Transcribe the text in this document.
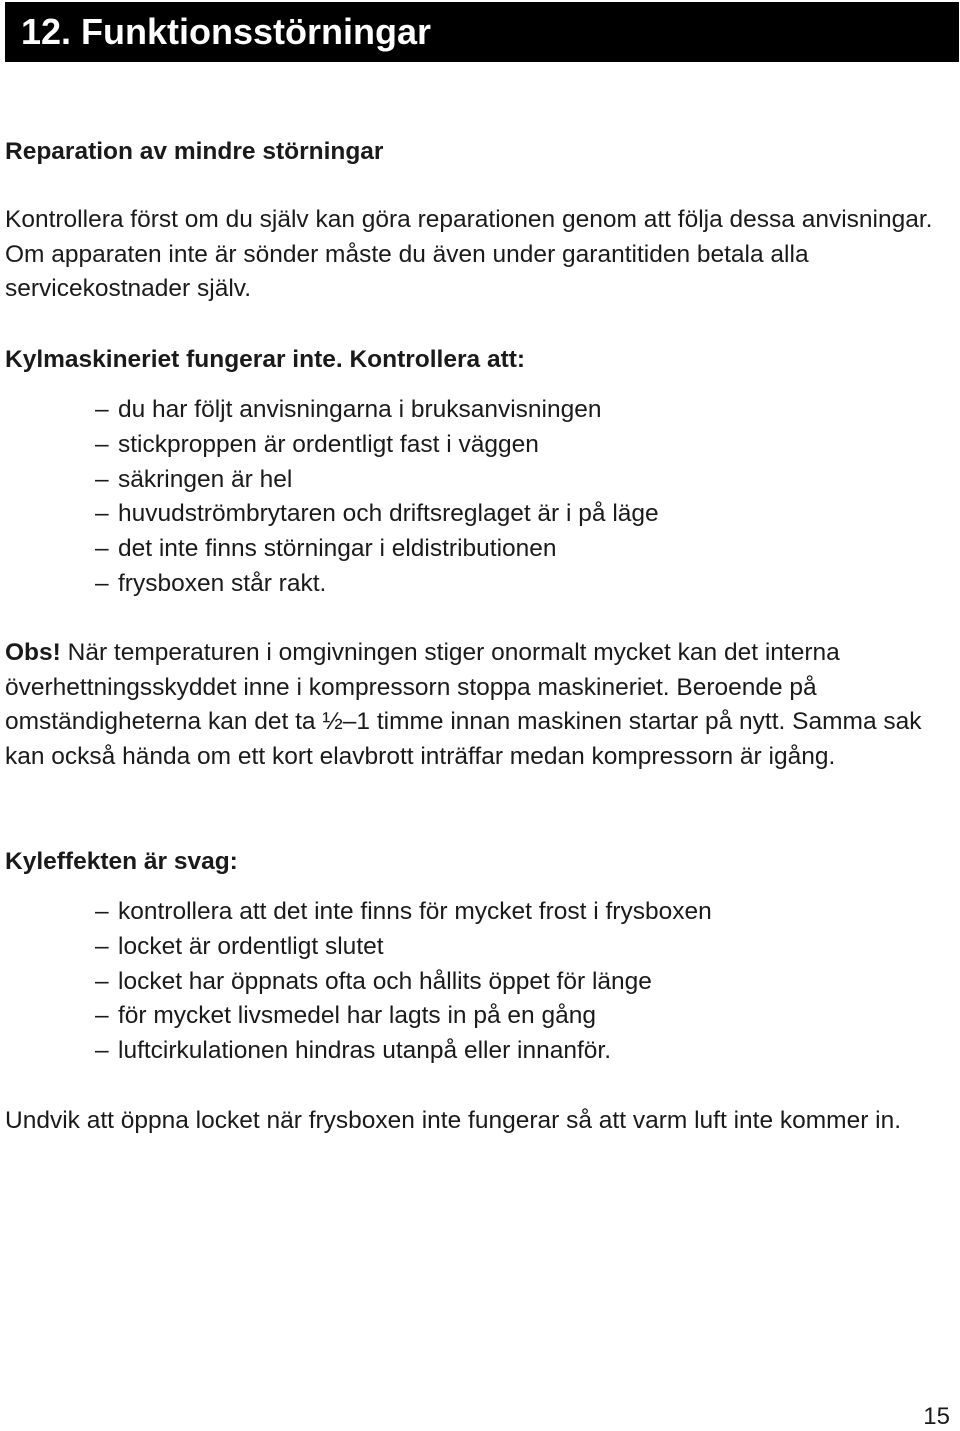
12. Funktionsstörningar
Reparation av mindre störningar
Kontrollera först om du själv kan göra reparationen genom att följa dessa anvisningar. Om apparaten inte är sönder måste du även under garantitiden betala alla servicekostnader själv.
Kylmaskineriet fungerar inte. Kontrollera att:
– du har följt anvisningarna i bruksanvisningen
– stickproppen är ordentligt fast i väggen
– säkringen är hel
– huvudströmbrytaren och driftsreglaget är i på läge
– det inte finns störningar i eldistributionen
– frysboxen står rakt.
Obs! När temperaturen i omgivningen stiger onormalt mycket kan det interna överhettningsskyddet inne i kompressorn stoppa maskineriet. Beroende på omständigheterna kan det ta ½–1 timme innan maskinen startar på nytt. Samma sak kan också hända om ett kort elavbrott inträffar medan kompressorn är igång.
Kyleffekten är svag:
– kontrollera att det inte finns för mycket frost i frysboxen
– locket är ordentligt slutet
– locket har öppnats ofta och hållits öppet för länge
– för mycket livsmedel har lagts in på en gång
– luftcirkulationen hindras utanpå eller innanför.
Undvik att öppna locket när frysboxen inte fungerar så att varm luft inte kommer in.
15
